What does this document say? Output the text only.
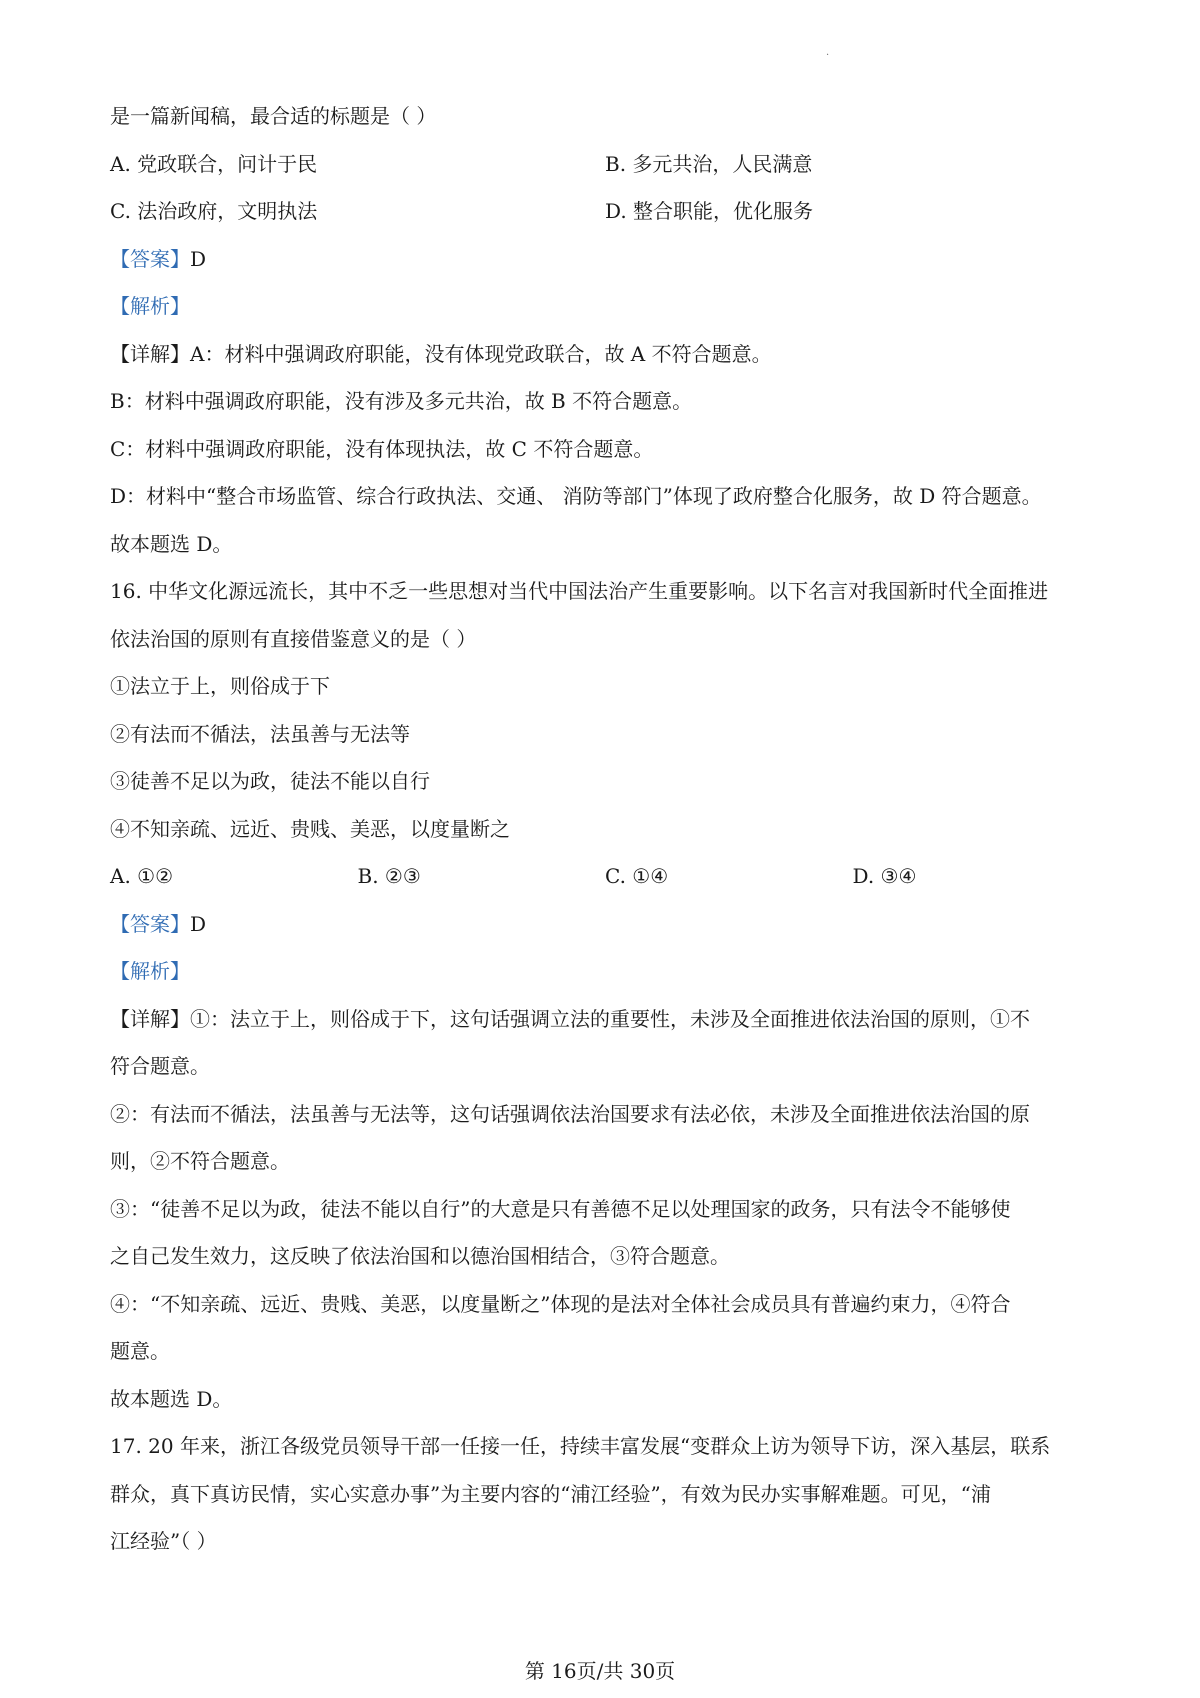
·
是一篇新闻稿，最合适的标题是（ ）
A. 党政联合，问计于民	B. 多元共治，人民满意
C. 法治政府，文明执法	D. 整合职能，优化服务
【答案】D
【解析】
【详解】A：材料中强调政府职能，没有体现党政联合，故 A 不符合题意。
B：材料中强调政府职能，没有涉及多元共治，故 B 不符合题意。
C：材料中强调政府职能，没有体现执法，故 C 不符合题意。
D：材料中“整合市场监管、综合行政执法、交通、 消防等部门”体现了政府整合化服务，故 D 符合题意。
故本题选 D。
16. 中华文化源远流长，其中不乏一些思想对当代中国法治产生重要影响。以下名言对我国新时代全面推进
依法治国的原则有直接借鉴意义的是（ ）
①法立于上，则俗成于下
②有法而不循法，法虽善与无法等
③徒善不足以为政，徒法不能以自行
④不知亲疏、远近、贵贱、美恶，以度量断之
A. ①②	B. ②③	C. ①④	D. ③④
【答案】D
【解析】
【详解】①：法立于上，则俗成于下，这句话强调立法的重要性，未涉及全面推进依法治国的原则，①不
符合题意。
②：有法而不循法，法虽善与无法等，这句话强调依法治国要求有法必依，未涉及全面推进依法治国的原
则，②不符合题意。
③：“徒善不足以为政，徒法不能以自行”的大意是只有善德不足以处理国家的政务，只有法令不能够使
之自己发生效力，这反映了依法治国和以德治国相结合，③符合题意。
④：“不知亲疏、远近、贵贱、美恶，以度量断之”体现的是法对全体社会成员具有普遍约束力，④符合
题意。
故本题选 D。
17. 20 年来，浙江各级党员领导干部一任接一任，持续丰富发展“变群众上访为领导下访，深入基层，联系
群众，真下真访民情，实心实意办事”为主要内容的“浦江经验”，有效为民办实事解难题。可见，“浦
江经验”（ ）
第 16页/共 30页
